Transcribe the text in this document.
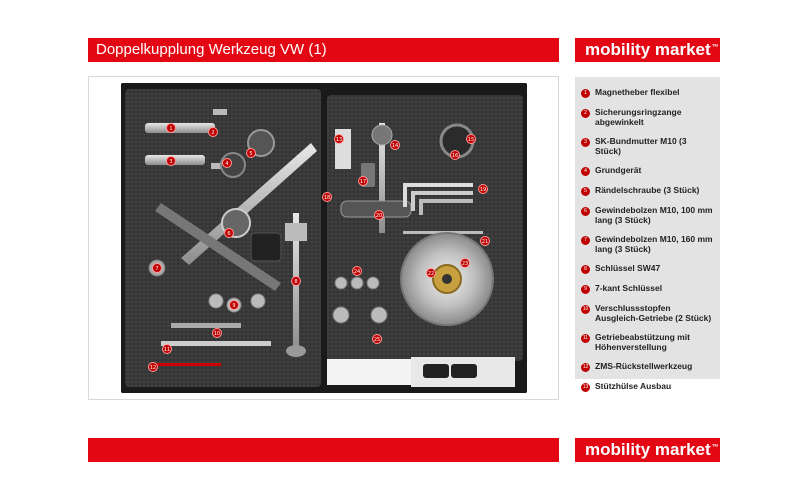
Doppelkupplung Werkzeug VW (1)	mobility market™
1
2
3	4
5
6
7
8
9
10
11
12
13
14
15
16
17
18
19
20
21
22
23
24
25
1 Magnetheber flexibel
2 Sicherungsringzange abgewinkelt
3 SK-Bundmutter M10 (3 Stück)
4 Grundgerät
5 Rändelschraube (3 Stück)
6 Gewindebolzen M10, 100 mm lang (3 Stück)
7 Gewindebolzen M10, 160 mm lang (3 Stück)
8 Schlüssel SW47
9 7-kant Schlüssel
10 Verschlussstopfen Ausgleich-Getriebe (2 Stück)
11 Getriebeabstützung mit Höhenverstellung
12 ZMS-Rückstellwerkzeug
13 Stützhülse Ausbau
mobility market™
